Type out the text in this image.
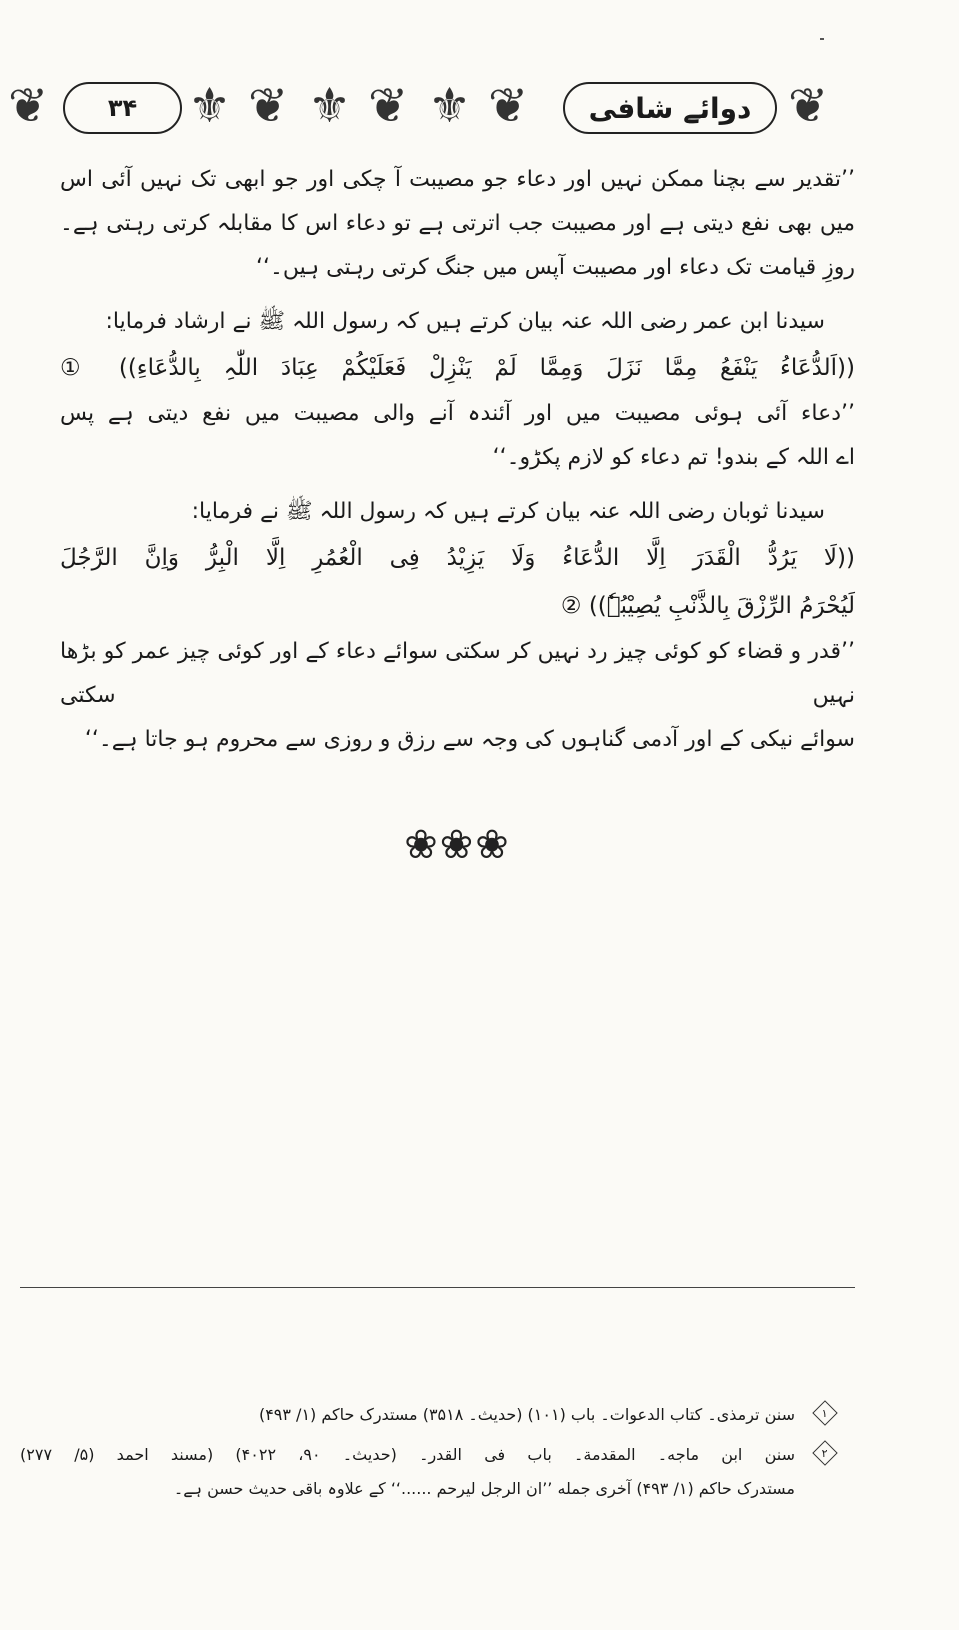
❦	⚜ ❦ ⚜ ❦ ⚜ ❦	❦
۳۴	دوائے شافی
’’تقدیر سے بچنا ممکن نہیں اور دعاء جو مصیبت آ چکی اور جو ابھی تک نہیں آئی اس
میں بھی نفع دیتی ہے اور مصیبت جب اترتی ہے تو دعاء اس کا مقابلہ کرتی رہتی ہے۔
روزِ قیامت تک دعاء اور مصیبت آپس میں جنگ کرتی رہتی ہیں۔‘‘
سیدنا ابن عمر رضی اللہ عنہ بیان کرتے ہیں کہ رسول اللہ ﷺ نے ارشاد فرمایا:
((اَلدُّعَاءُ یَنْفَعُ مِمَّا نَزَلَ وَمِمَّا لَمْ یَنْزِلْ فَعَلَیْکُمْ عِبَادَ اللّٰہِ بِالدُّعَاءِ)) ①
’’دعاء آئی ہوئی مصیبت میں اور آئندہ آنے والی مصیبت میں نفع دیتی ہے پس
اے اللہ کے بندو! تم دعاء کو لازم پکڑو۔‘‘
سیدنا ثوبان رضی اللہ عنہ بیان کرتے ہیں کہ رسول اللہ ﷺ نے فرمایا:
((لَا یَرُدُّ الْقَدَرَ اِلَّا الدُّعَاءُ وَلَا یَزِیْدُ فِی الْعُمُرِ اِلَّا الْبِرُّ وَاِنَّ الرَّجُلَ
لَیُحْرَمُ الرِّزْقَ بِالذَّنْبِ یُصِیْبُہٗ)) ②
’’قدر و قضاء کو کوئی چیز رد نہیں کر سکتی سوائے دعاء کے اور کوئی چیز عمر کو بڑھا نہیں سکتی
سوائے نیکی کے اور آدمی گناہوں کی وجہ سے رزق و روزی سے محروم ہو جاتا ہے۔‘‘
❀❀❀
۱
سنن ترمذی۔ کتاب الدعوات۔ باب (۱۰۱) (حدیث۔ ۳۵۱۸) مستدرک حاکم (۱/ ۴۹۳)
۲
سنن ابن ماجه۔ المقدمة۔ باب فی القدر۔ (حدیث۔ ۹۰، ۴۰۲۲) (مسند احمد (۵/ ۲۷۷)
مستدرک حاکم (۱/ ۴۹۳) آخری جمله ’’ان الرجل لیرحم ......‘‘ کے علاوہ باقی حدیث حسن ہے۔
